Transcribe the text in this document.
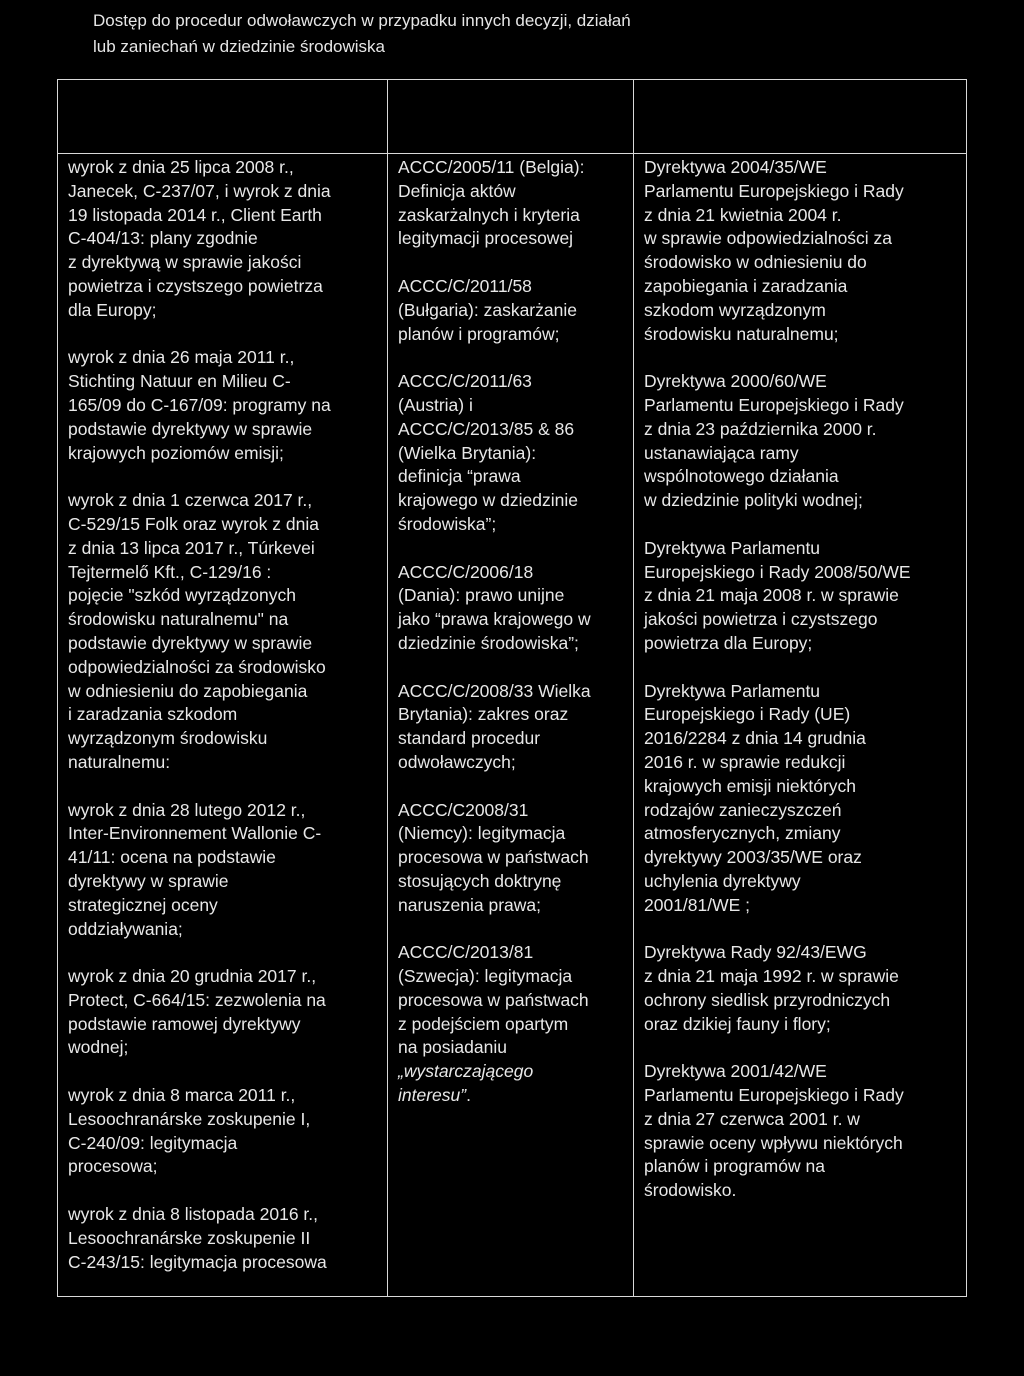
Dostęp do procedur odwoławczych w przypadku innych decyzji, działań
lub zaniechań w dziedzinie środowiska

wyrok z dnia 25 lipca 2008 r.,
Janecek, C-237/07, i wyrok z dnia
19 listopada 2014 r., Client Earth
C-404/13: plany zgodnie
z dyrektywą w sprawie jakości
powietrza i czystszego powietrza
dla Europy;

wyrok z dnia 26 maja 2011 r.,
Stichting Natuur en Milieu C-
165/09 do C-167/09: programy na
podstawie dyrektywy w sprawie
krajowych poziomów emisji;

wyrok z dnia 1 czerwca 2017 r.,
C-529/15 Folk oraz wyrok z dnia
z dnia 13 lipca 2017 r., Túrkevei
Tejtermelő Kft., C-129/16 :
pojęcie "szkód wyrządzonych
środowisku naturalnemu" na
podstawie dyrektywy w sprawie
odpowiedzialności za środowisko
w odniesieniu do zapobiegania
i zaradzania szkodom
wyrządzonym środowisku
naturalnemu:

wyrok z dnia 28 lutego 2012 r.,
Inter-Environnement Wallonie C-
41/11: ocena na podstawie
dyrektywy w sprawie
strategicznej oceny
oddziaływania;

wyrok z dnia 20 grudnia 2017 r.,
Protect, C-664/15: zezwolenia na
podstawie ramowej dyrektywy
wodnej;

wyrok z dnia 8 marca 2011 r.,
Lesoochranárske zoskupenie I,
C-240/09: legitymacja
procesowa;

wyrok z dnia 8 listopada 2016 r.,
Lesoochranárske zoskupenie II
C-243/15: legitymacja procesowa

ACCC/2005/11 (Belgia):
Definicja aktów
zaskarżalnych i kryteria
legitymacji procesowej

ACCC/C/2011/58
(Bułgaria): zaskarżanie
planów i programów;

ACCC/C/2011/63
(Austria) i
ACCC/C/2013/85 & 86
(Wielka Brytania):
definicja “prawa
krajowego w dziedzinie
środowiska”;

ACCC/C/2006/18
(Dania): prawo unijne
jako “prawa krajowego w
dziedzinie środowiska”;

ACCC/C/2008/33 Wielka
Brytania): zakres oraz
standard procedur
odwoławczych;

ACCC/C2008/31
(Niemcy): legitymacja
procesowa w państwach
stosujących doktrynę
naruszenia prawa;

ACCC/C/2013/81
(Szwecja): legitymacja
procesowa w państwach
z podejściem opartym
na posiadaniu
„wystarczającego
interesu”.

Dyrektywa 2004/35/WE
Parlamentu Europejskiego i Rady
z dnia 21 kwietnia 2004 r.
w sprawie odpowiedzialności za
środowisko w odniesieniu do
zapobiegania i zaradzania
szkodom wyrządzonym
środowisku naturalnemu;

Dyrektywa 2000/60/WE
Parlamentu Europejskiego i Rady
z dnia 23 października 2000 r.
ustanawiająca ramy
wspólnotowego działania
w dziedzinie polityki wodnej;

Dyrektywa Parlamentu
Europejskiego i Rady 2008/50/WE
z dnia 21 maja 2008 r. w sprawie
jakości powietrza i czystszego
powietrza dla Europy;

Dyrektywa Parlamentu
Europejskiego i Rady (UE)
2016/2284 z dnia 14 grudnia
2016 r. w sprawie redukcji
krajowych emisji niektórych
rodzajów zanieczyszczeń
atmosferycznych, zmiany
dyrektywy 2003/35/WE oraz
uchylenia dyrektywy
2001/81/WE ;

Dyrektywa Rady 92/43/EWG
z dnia 21 maja 1992 r. w sprawie
ochrony siedlisk przyrodniczych
oraz dzikiej fauny i flory;

Dyrektywa 2001/42/WE
Parlamentu Europejskiego i Rady
z dnia 27 czerwca 2001 r. w
sprawie oceny wpływu niektórych
planów i programów na
środowisko.
